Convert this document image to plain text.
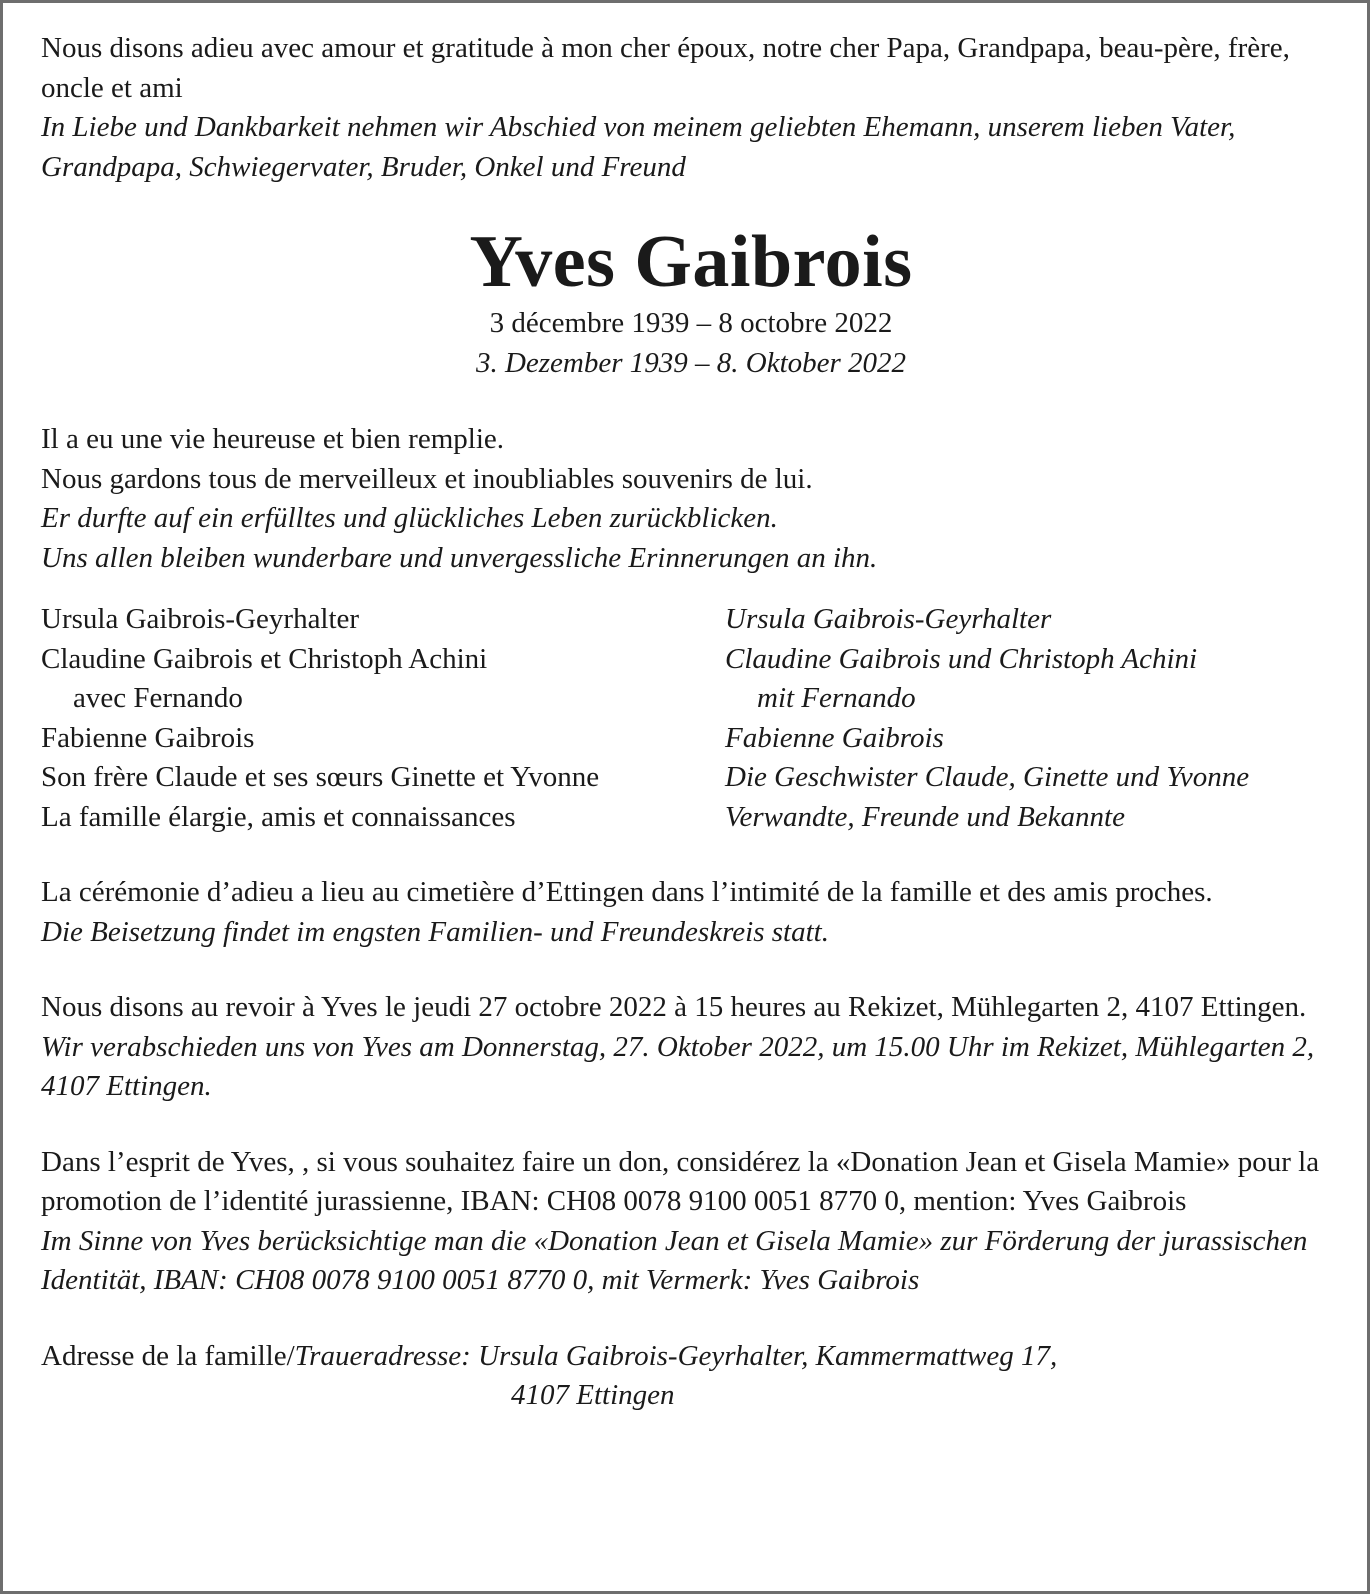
Nous disons adieu avec amour et gratitude à mon cher époux, notre cher Papa, Grandpapa, beau-père, frère, oncle et ami

In Liebe und Dankbarkeit nehmen wir Abschied von meinem geliebten Ehemann, unserem lieben Vater, Grandpapa, Schwiegervater, Bruder, Onkel und Freund

Yves Gaibrois

3 décembre 1939 – 8 octobre 2022

3. Dezember 1939 – 8. Oktober 2022

Il a eu une vie heureuse et bien remplie.

Nous gardons tous de merveilleux et inoubliables souvenirs de lui.

Er durfte auf ein erfülltes und glückliches Leben zurückblicken.

Uns allen bleiben wunderbare und unvergessliche Erinnerungen an ihn.

Ursula Gaibrois-Geyrhalter

Claudine Gaibrois et Christoph Achini

avec Fernando

Fabienne Gaibrois

Son frère Claude et ses sœurs Ginette et Yvonne

La famille élargie, amis et connaissances

Ursula Gaibrois-Geyrhalter

Claudine Gaibrois und Christoph Achini

mit Fernando

Fabienne Gaibrois

Die Geschwister Claude, Ginette und Yvonne

Verwandte, Freunde und Bekannte

La cérémonie d’adieu a lieu au cimetière d’Ettingen dans l’intimité de la famille et des amis proches.

Die Beisetzung findet im engsten Familien- und Freundeskreis statt.

Nous disons au revoir à Yves le jeudi 27 octobre 2022 à 15 heures au Rekizet, Mühlegarten 2, 4107 Ettingen.

Wir verabschieden uns von Yves am Donnerstag, 27. Oktober 2022, um 15.00 Uhr im Rekizet, Mühlegarten 2, 4107 Ettingen.

Dans l’esprit de Yves, , si vous souhaitez faire un don, considérez la «Donation Jean et Gisela Mamie» pour la promotion de l’identité jurassienne, IBAN: CH08 0078 9100 0051 8770 0, mention: Yves Gaibrois

Im Sinne von Yves berücksichtige man die «Donation Jean et Gisela Mamie» zur Förderung der jurassischen Identität, IBAN: CH08 0078 9100 0051 8770 0, mit Vermerk: Yves Gaibrois

Adresse de la famille/Traueradresse: Ursula Gaibrois-Geyrhalter, Kammermattweg 17,

4107 Ettingen
